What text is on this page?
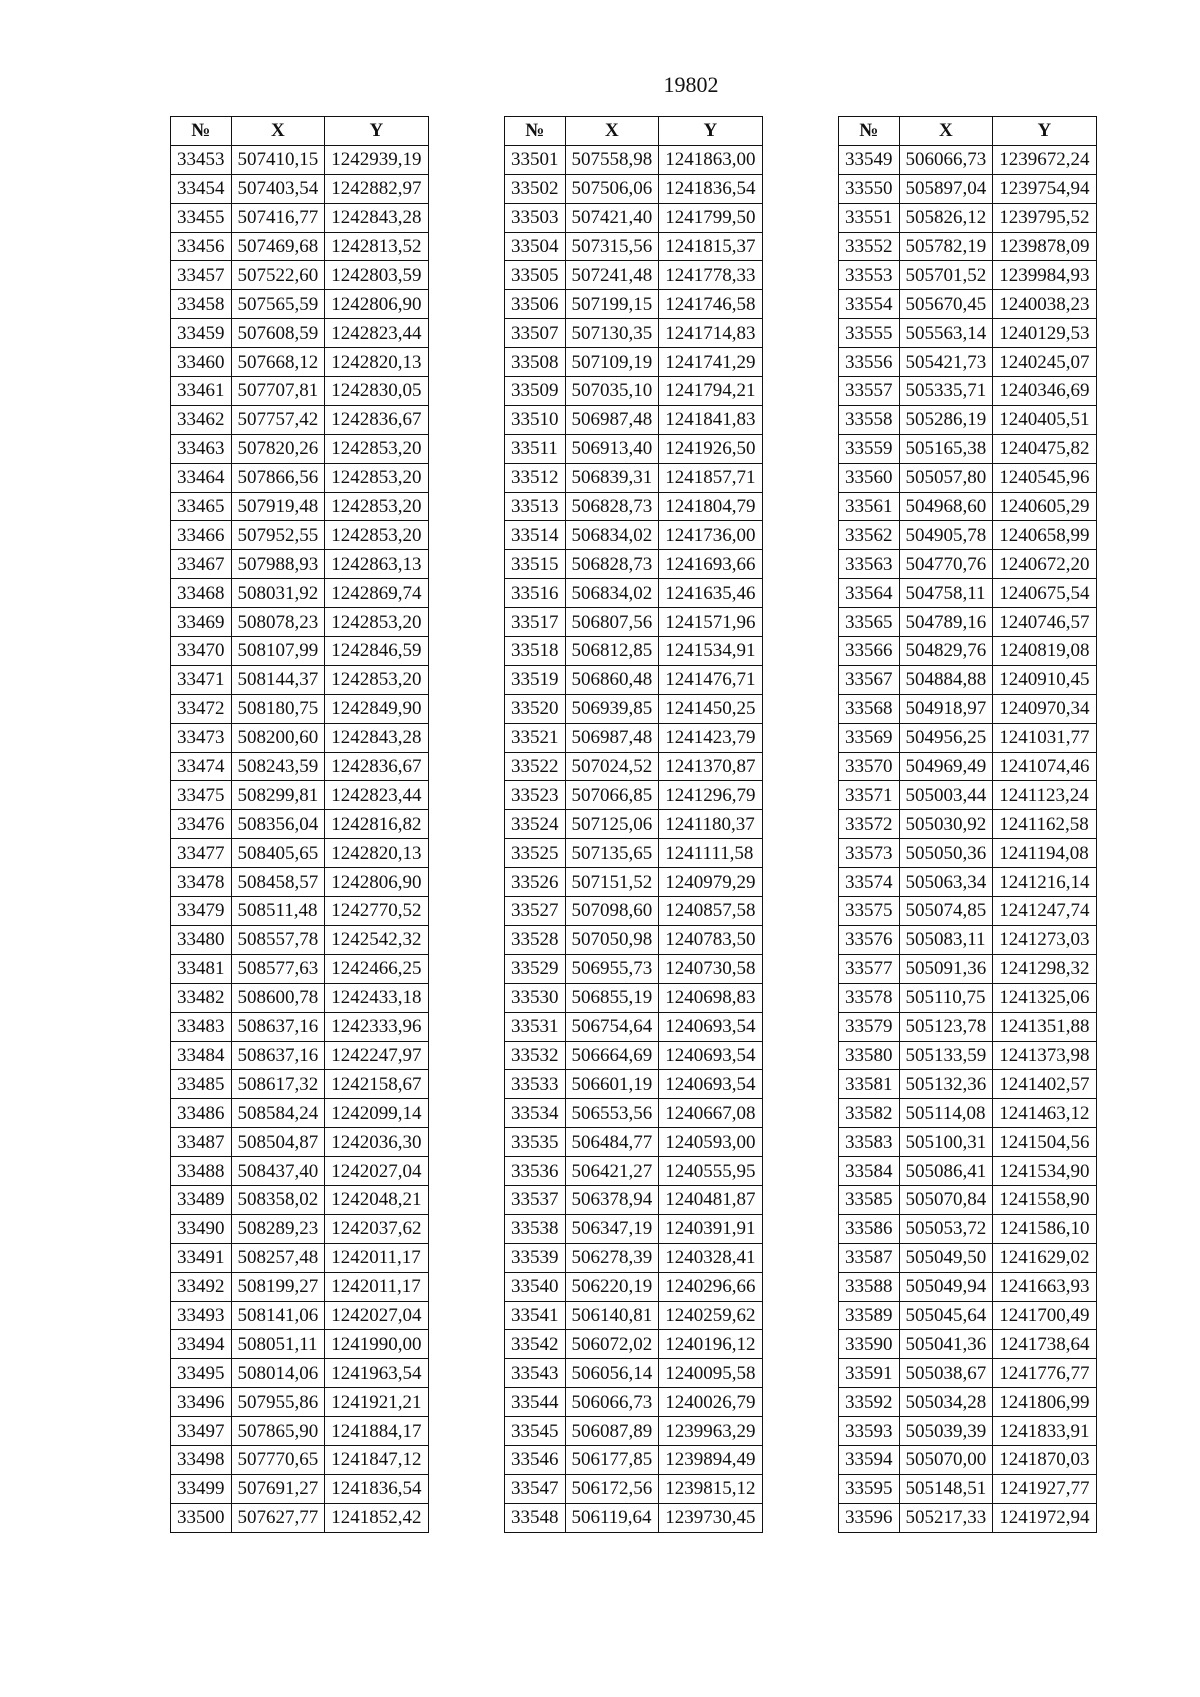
19802
№	X	Y
33453	507410,15	1242939,19
33454	507403,54	1242882,97
33455	507416,77	1242843,28
33456	507469,68	1242813,52
33457	507522,60	1242803,59
33458	507565,59	1242806,90
33459	507608,59	1242823,44
33460	507668,12	1242820,13
33461	507707,81	1242830,05
33462	507757,42	1242836,67
33463	507820,26	1242853,20
33464	507866,56	1242853,20
33465	507919,48	1242853,20
33466	507952,55	1242853,20
33467	507988,93	1242863,13
33468	508031,92	1242869,74
33469	508078,23	1242853,20
33470	508107,99	1242846,59
33471	508144,37	1242853,20
33472	508180,75	1242849,90
33473	508200,60	1242843,28
33474	508243,59	1242836,67
33475	508299,81	1242823,44
33476	508356,04	1242816,82
33477	508405,65	1242820,13
33478	508458,57	1242806,90
33479	508511,48	1242770,52
33480	508557,78	1242542,32
33481	508577,63	1242466,25
33482	508600,78	1242433,18
33483	508637,16	1242333,96
33484	508637,16	1242247,97
33485	508617,32	1242158,67
33486	508584,24	1242099,14
33487	508504,87	1242036,30
33488	508437,40	1242027,04
33489	508358,02	1242048,21
33490	508289,23	1242037,62
33491	508257,48	1242011,17
33492	508199,27	1242011,17
33493	508141,06	1242027,04
33494	508051,11	1241990,00
33495	508014,06	1241963,54
33496	507955,86	1241921,21
33497	507865,90	1241884,17
33498	507770,65	1241847,12
33499	507691,27	1241836,54
33500	507627,77	1241852,42
№	X	Y
33501	507558,98	1241863,00
33502	507506,06	1241836,54
33503	507421,40	1241799,50
33504	507315,56	1241815,37
33505	507241,48	1241778,33
33506	507199,15	1241746,58
33507	507130,35	1241714,83
33508	507109,19	1241741,29
33509	507035,10	1241794,21
33510	506987,48	1241841,83
33511	506913,40	1241926,50
33512	506839,31	1241857,71
33513	506828,73	1241804,79
33514	506834,02	1241736,00
33515	506828,73	1241693,66
33516	506834,02	1241635,46
33517	506807,56	1241571,96
33518	506812,85	1241534,91
33519	506860,48	1241476,71
33520	506939,85	1241450,25
33521	506987,48	1241423,79
33522	507024,52	1241370,87
33523	507066,85	1241296,79
33524	507125,06	1241180,37
33525	507135,65	1241111,58
33526	507151,52	1240979,29
33527	507098,60	1240857,58
33528	507050,98	1240783,50
33529	506955,73	1240730,58
33530	506855,19	1240698,83
33531	506754,64	1240693,54
33532	506664,69	1240693,54
33533	506601,19	1240693,54
33534	506553,56	1240667,08
33535	506484,77	1240593,00
33536	506421,27	1240555,95
33537	506378,94	1240481,87
33538	506347,19	1240391,91
33539	506278,39	1240328,41
33540	506220,19	1240296,66
33541	506140,81	1240259,62
33542	506072,02	1240196,12
33543	506056,14	1240095,58
33544	506066,73	1240026,79
33545	506087,89	1239963,29
33546	506177,85	1239894,49
33547	506172,56	1239815,12
33548	506119,64	1239730,45
№	X	Y
33549	506066,73	1239672,24
33550	505897,04	1239754,94
33551	505826,12	1239795,52
33552	505782,19	1239878,09
33553	505701,52	1239984,93
33554	505670,45	1240038,23
33555	505563,14	1240129,53
33556	505421,73	1240245,07
33557	505335,71	1240346,69
33558	505286,19	1240405,51
33559	505165,38	1240475,82
33560	505057,80	1240545,96
33561	504968,60	1240605,29
33562	504905,78	1240658,99
33563	504770,76	1240672,20
33564	504758,11	1240675,54
33565	504789,16	1240746,57
33566	504829,76	1240819,08
33567	504884,88	1240910,45
33568	504918,97	1240970,34
33569	504956,25	1241031,77
33570	504969,49	1241074,46
33571	505003,44	1241123,24
33572	505030,92	1241162,58
33573	505050,36	1241194,08
33574	505063,34	1241216,14
33575	505074,85	1241247,74
33576	505083,11	1241273,03
33577	505091,36	1241298,32
33578	505110,75	1241325,06
33579	505123,78	1241351,88
33580	505133,59	1241373,98
33581	505132,36	1241402,57
33582	505114,08	1241463,12
33583	505100,31	1241504,56
33584	505086,41	1241534,90
33585	505070,84	1241558,90
33586	505053,72	1241586,10
33587	505049,50	1241629,02
33588	505049,94	1241663,93
33589	505045,64	1241700,49
33590	505041,36	1241738,64
33591	505038,67	1241776,77
33592	505034,28	1241806,99
33593	505039,39	1241833,91
33594	505070,00	1241870,03
33595	505148,51	1241927,77
33596	505217,33	1241972,94
